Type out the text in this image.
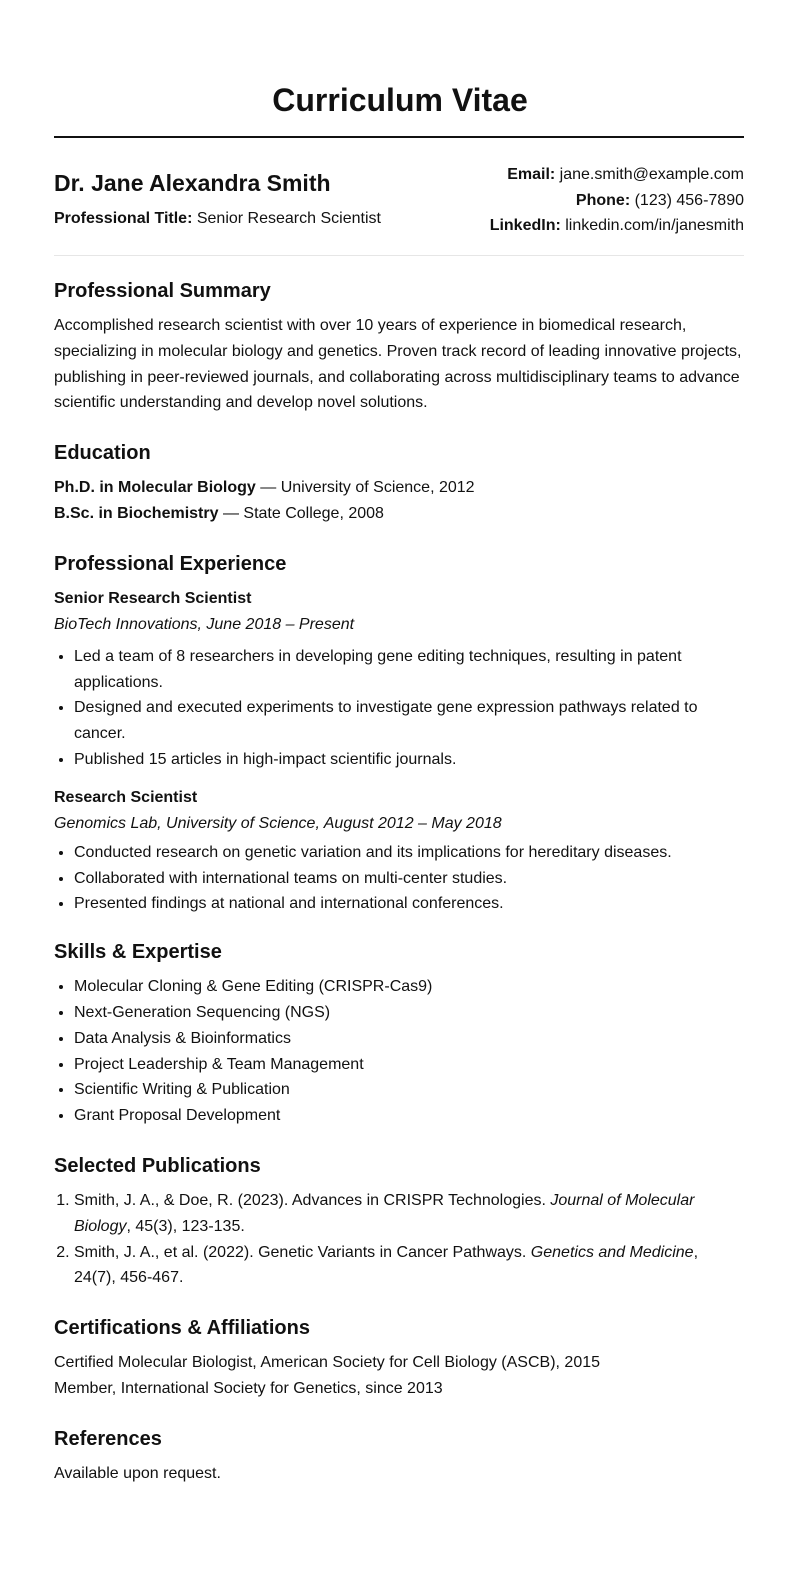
Curriculum Vitae
Dr. Jane Alexandra Smith
Professional Title: Senior Research Scientist
Email: jane.smith@example.com
Phone: (123) 456-7890
LinkedIn: linkedin.com/in/janesmith
Professional Summary

Accomplished research scientist with over 10 years of experience in biomedical research, specializing in molecular biology and genetics. Proven track record of leading innovative projects, publishing in peer-reviewed journals, and collaborating across multidisciplinary teams to advance scientific understanding and develop novel solutions.

Education

Ph.D. in Molecular Biology — University of Science, 2012

B.Sc. in Biochemistry — State College, 2008

Professional Experience

Senior Research Scientist

BioTech Innovations, June 2018 – Present

• Led a team of 8 researchers in developing gene editing techniques, resulting in patent applications.
• Designed and executed experiments to investigate gene expression pathways related to cancer.
• Published 15 articles in high-impact scientific journals.

Research Scientist

Genomics Lab, University of Science, August 2012 – May 2018

• Conducted research on genetic variation and its implications for hereditary diseases.
• Collaborated with international teams on multi-center studies.
• Presented findings at national and international conferences.
Skills & Expertise
• Molecular Cloning & Gene Editing (CRISPR-Cas9)
• Next-Generation Sequencing (NGS)
• Data Analysis & Bioinformatics
• Project Leadership & Team Management
• Scientific Writing & Publication
• Grant Proposal Development
Selected Publications
1. Smith, J. A., & Doe, R. (2023). Advances in CRISPR Technologies. Journal of Molecular Biology, 45(3), 123-135.
2. Smith, J. A., et al. (2022). Genetic Variants in Cancer Pathways. Genetics and Medicine, 24(7), 456-467.
Certifications & Affiliations

Certified Molecular Biologist, American Society for Cell Biology (ASCB), 2015

Member, International Society for Genetics, since 2013

References

Available upon request.
